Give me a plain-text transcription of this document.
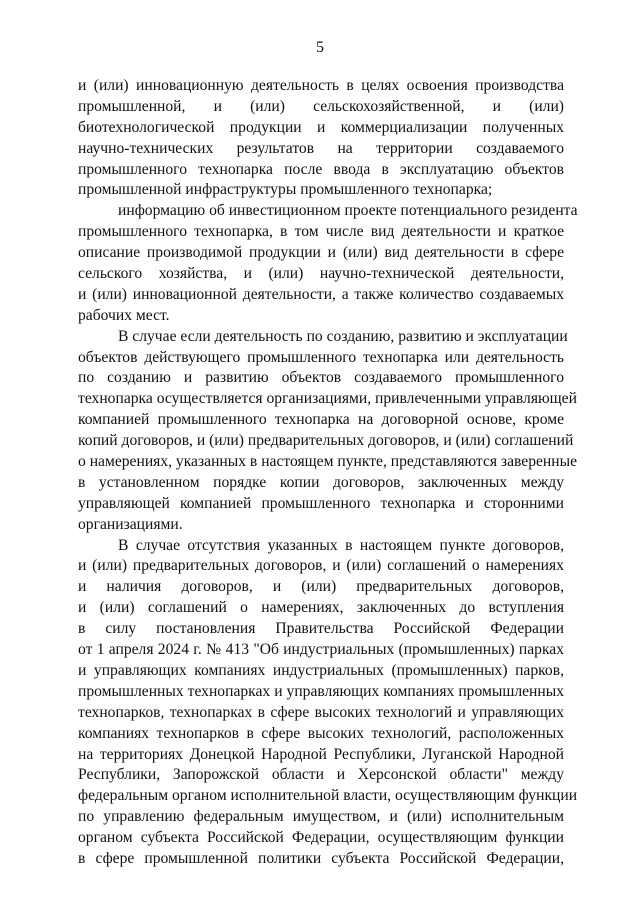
5
и (или) инновационную деятельность в целях освоения производства
промышленной, и (или) сельскохозяйственной, и (или)
биотехнологической продукции и коммерциализации полученных
научно-технических результатов на территории создаваемого
промышленного технопарка после ввода в эксплуатацию объектов
промышленной инфраструктуры промышленного технопарка;
информацию об инвестиционном проекте потенциального резидента
промышленного технопарка, в том числе вид деятельности и краткое
описание производимой продукции и (или) вид деятельности в сфере
сельского хозяйства, и (или) научно-технической деятельности,
и (или) инновационной деятельности, а также количество создаваемых
рабочих мест.
В случае если деятельность по созданию, развитию и эксплуатации
объектов действующего промышленного технопарка или деятельность
по созданию и развитию объектов создаваемого промышленного
технопарка осуществляется организациями, привлеченными управляющей
компанией промышленного технопарка на договорной основе, кроме
копий договоров, и (или) предварительных договоров, и (или) соглашений
о намерениях, указанных в настоящем пункте, представляются заверенные
в установленном порядке копии договоров, заключенных между
управляющей компанией промышленного технопарка и сторонними
организациями.
В случае отсутствия указанных в настоящем пункте договоров,
и (или) предварительных договоров, и (или) соглашений о намерениях
и наличия договоров, и (или) предварительных договоров,
и (или) соглашений о намерениях, заключенных до вступления
в силу постановления Правительства Российской Федерации
от 1 апреля 2024 г. № 413 "Об индустриальных (промышленных) парках
и управляющих компаниях индустриальных (промышленных) парков,
промышленных технопарках и управляющих компаниях промышленных
технопарков, технопарках в сфере высоких технологий и управляющих
компаниях технопарков в сфере высоких технологий, расположенных
на территориях Донецкой Народной Республики, Луганской Народной
Республики, Запорожской области и Херсонской области" между
федеральным органом исполнительной власти, осуществляющим функции
по управлению федеральным имуществом, и (или) исполнительным
органом субъекта Российской Федерации, осуществляющим функции
в сфере промышленной политики субъекта Российской Федерации,
